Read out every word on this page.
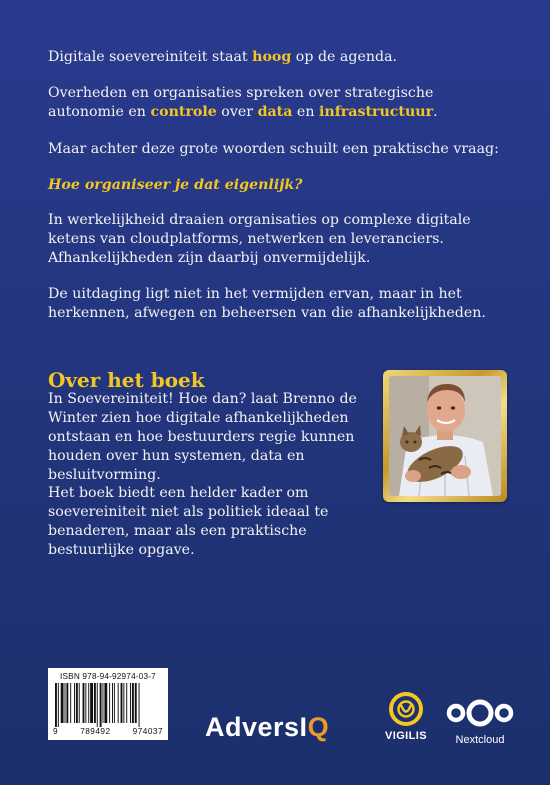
Digitale soevereiniteit staat hoog op de agenda.

Overheden en organisaties spreken over strategische autonomie en controle over data en infrastructuur.

Maar achter deze grote woorden schuilt een praktische vraag:

Hoe organiseer je dat eigenlijk?

In werkelijkheid draaien organisaties op complexe digitale ketens van cloudplatforms, netwerken en leveranciers. Afhankelijkheden zijn daarbij onvermijdelijk.

De uitdaging ligt niet in het vermijden ervan, maar in het herkennen, afwegen en beheersen van die afhankelijkheden.

Over het boek

In Soevereiniteit! Hoe dan? laat Brenno de Winter zien hoe digitale afhankelijkheden ontstaan en hoe bestuurders regie kunnen houden over hun systemen, data en besluitvorming.

Het boek biedt een helder kader om soevereiniteit niet als politiek ideaal te benaderen, maar als een praktische bestuurlijke opgave.

ISBN 978-94-92974-03-7
9	789492	974037 AdversIQ	VIGILIS	Nextcloud
